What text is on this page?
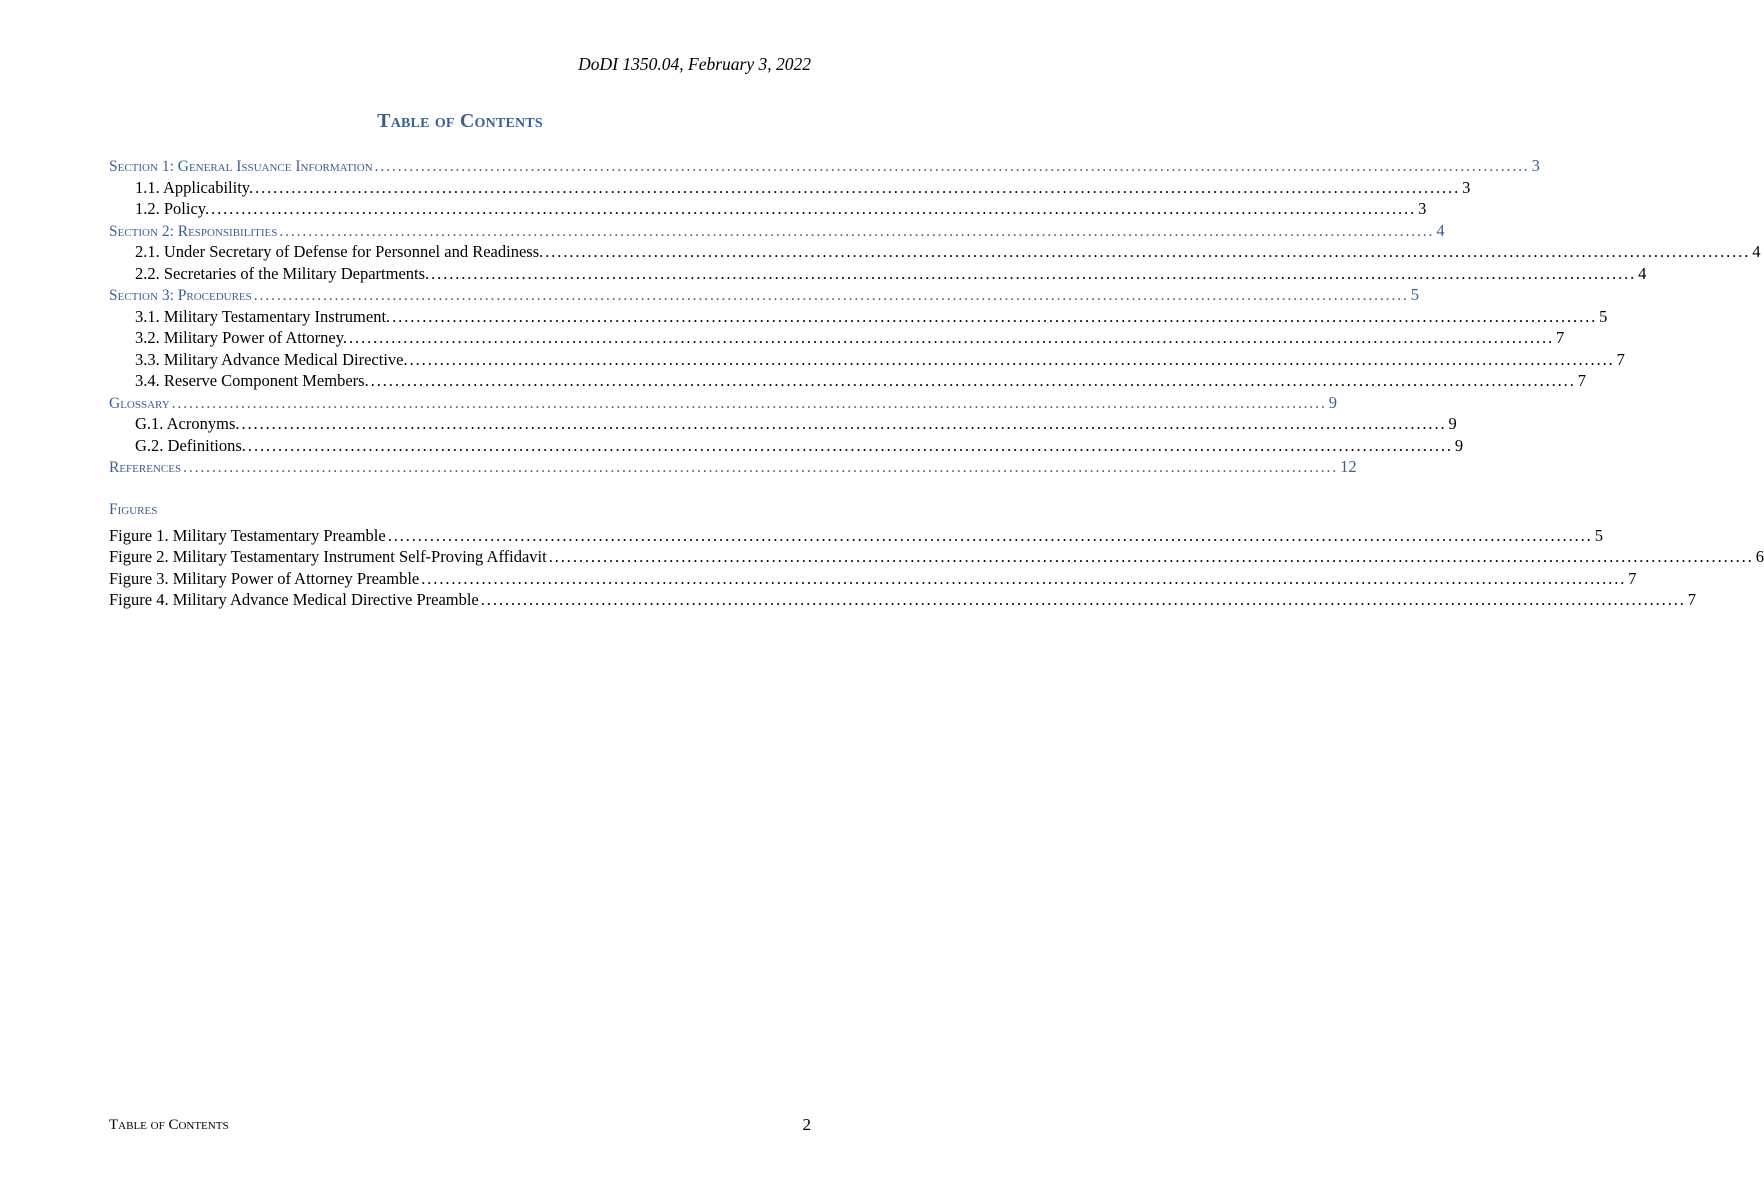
DoDI 1350.04, February 3, 2022
Table of Contents
Section 1: General Issuance Information ........................................................................................................................................................................................................ 3
1.1. Applicability. ........................................................................................................................................................................................................ 3
1.2. Policy. ........................................................................................................................................................................................................ 3
Section 2: Responsibilities ........................................................................................................................................................................................................ 4
2.1. Under Secretary of Defense for Personnel and Readiness. ........................................................................................................................................................................................................ 4
2.2. Secretaries of the Military Departments. ........................................................................................................................................................................................................ 4
Section 3: Procedures ........................................................................................................................................................................................................ 5
3.1. Military Testamentary Instrument. ........................................................................................................................................................................................................ 5
3.2. Military Power of Attorney. ........................................................................................................................................................................................................ 7
3.3. Military Advance Medical Directive. ........................................................................................................................................................................................................ 7
3.4. Reserve Component Members. ........................................................................................................................................................................................................ 7
Glossary ........................................................................................................................................................................................................ 9
G.1. Acronyms. ........................................................................................................................................................................................................ 9
G.2. Definitions. ........................................................................................................................................................................................................ 9
References ........................................................................................................................................................................................................ 12
Figures
Figure 1. Military Testamentary Preamble ........................................................................................................................................................................................................ 5
Figure 2. Military Testamentary Instrument Self-Proving Affidavit ........................................................................................................................................................................................................ 6
Figure 3. Military Power of Attorney Preamble ........................................................................................................................................................................................................ 7
Figure 4. Military Advance Medical Directive Preamble ........................................................................................................................................................................................................ 7
Table of Contents	2
